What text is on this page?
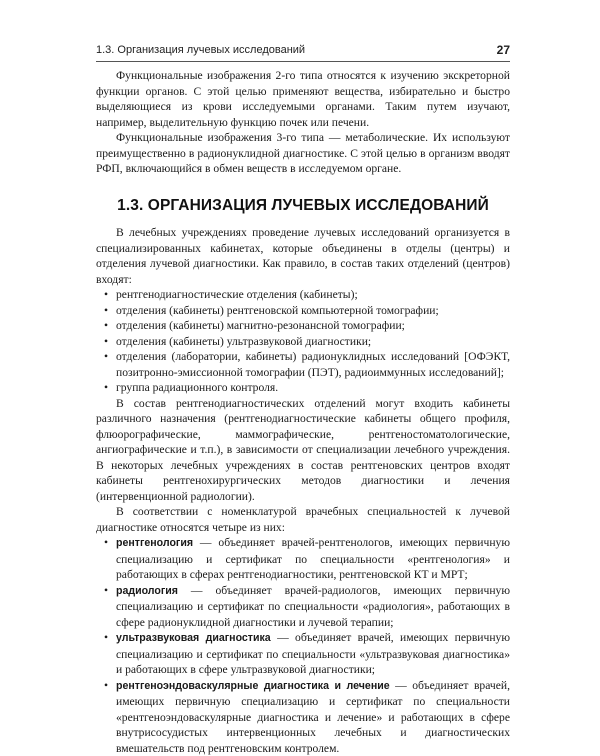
1.3. Организация лучевых исследований	27

Функциональные изображения 2-го типа относятся к изучению экскреторной функции органов. С этой целью применяют вещества, избирательно и быстро выделяющиеся из крови исследуемыми органами. Таким путем изучают, например, выделительную функцию почек или печени.

Функциональные изображения 3-го типа — метаболические. Их используют преимущественно в радионуклидной диагностике. С этой целью в организм вводят РФП, включающийся в обмен веществ в исследуемом органе.

1.3. ОРГАНИЗАЦИЯ ЛУЧЕВЫХ ИССЛЕДОВАНИЙ

В лечебных учреждениях проведение лучевых исследований организуется в специализированных кабинетах, которые объединены в отделы (центры) и отделения лучевой диагностики. Как правило, в состав таких отделений (центров) входят:

• рентгенодиагностические отделения (кабинеты);
• отделения (кабинеты) рентгеновской компьютерной томографии;
• отделения (кабинеты) магнитно-резонансной томографии;
• отделения (кабинеты) ультразвуковой диагностики;
• отделения (лаборатории, кабинеты) радионуклидных исследований [ОФЭКТ, позитронно-эмиссионной томографии (ПЭТ), радиоиммунных исследований];
• группа радиационного контроля.

В состав рентгенодиагностических отделений могут входить кабинеты различного назначения (рентгенодиагностические кабинеты общего профиля, флюорографические, маммографические, рентгеностоматологические, ангиографические и т.п.), в зависимости от специализации лечебного учреждения. В некоторых лечебных учреждениях в состав рентгеновских центров входят кабинеты рентгенохирургических методов диагностики и лечения (интервенционной радиологии).

В соответствии с номенклатурой врачебных специальностей к лучевой диагностике относятся четыре из них:

• рентгенология — объединяет врачей-рентгенологов, имеющих первичную специализацию и сертификат по специальности «рентгенология» и работающих в сферах рентгенодиагностики, рентгеновской КТ и МРТ;
• радиология — объединяет врачей-радиологов, имеющих первичную специализацию и сертификат по специальности «радиология», работающих в сфере радионуклидной диагностики и лучевой терапии;
• ультразвуковая диагностика — объединяет врачей, имеющих первичную специализацию и сертификат по специальности «ультразвуковая диагностика» и работающих в сфере ультразвуковой диагностики;
• рентгеноэндоваскулярные диагностика и лечение — объединяет врачей, имеющих первичную специализацию и сертификат по специальности «рентгеноэндоваскулярные диагностика и лечение» и работающих в сфере внутрисосудистых интервенционных лечебных и диагностических вмешательств под рентгеновским контролем.
